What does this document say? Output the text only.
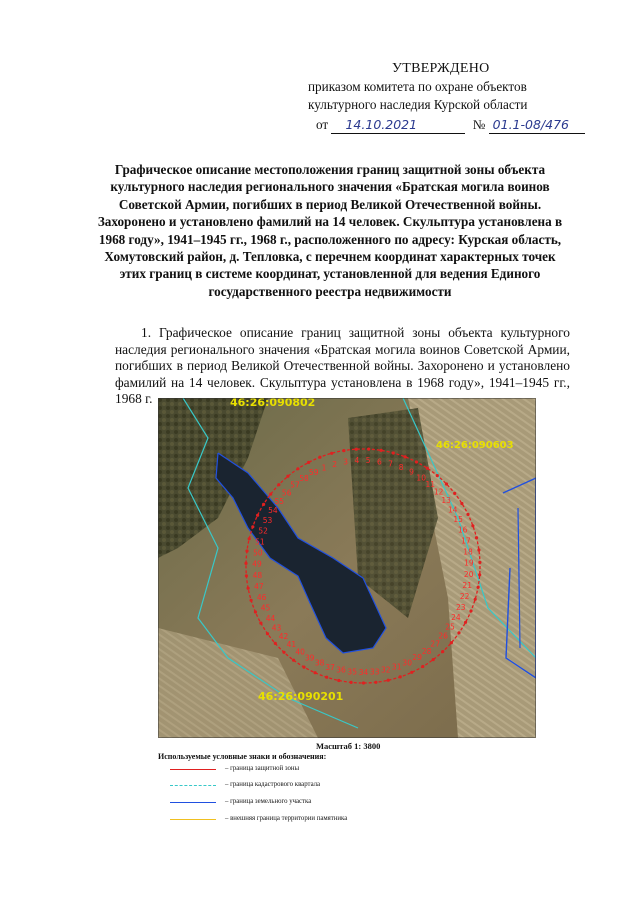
УТВЕРЖДЕНО
приказом комитета по охране объектов
культурного наследия Курской области
от 14.10.2021	№ 01.1-08/476
Графическое описание местоположения границ защитной зоны объекта культурного наследия регионального значения «Братская могила воинов Советской Армии, погибших в период Великой Отечественной войны. Захоронено и установлено фамилий на 14 человек. Скульптура установлена в 1968 году», 1941–1945 гг., 1968 г., расположенного по адресу: Курская область, Хомутовский район, д. Тепловка, с перечнем координат характерных точек этих границ в системе координат, установленной для ведения Единого государственного реестра недвижимости
1. Графическое описание границ защитной зоны объекта культурного наследия регионального значения «Братская могила воинов Советской Армии, погибших в период Великой Отечественной войны. Захоронено и установлено фамилий на 14 человек. Скульптура установлена в 1968 году», 1941–1945 гг., 1968 г.
1 2 3 4 5 6 7 8
9
10
11
12
13
14
15
16
17
18
19
20
21
22
23
24
25
26
27
28
29
30
31
32
33
34
35
36
37
38
39
40
41
42
43
44
45
46
47
48
49
50
51
52
53
54
55
56
57
58
59
46:26:090802
46:26:090603
46:26:090201
Масштаб 1: 3800
Используемые условные знаки и обозначения:
– граница защитной зоны
– граница кадастрового квартала
– граница земельного участка
– внешняя граница территории памятника
